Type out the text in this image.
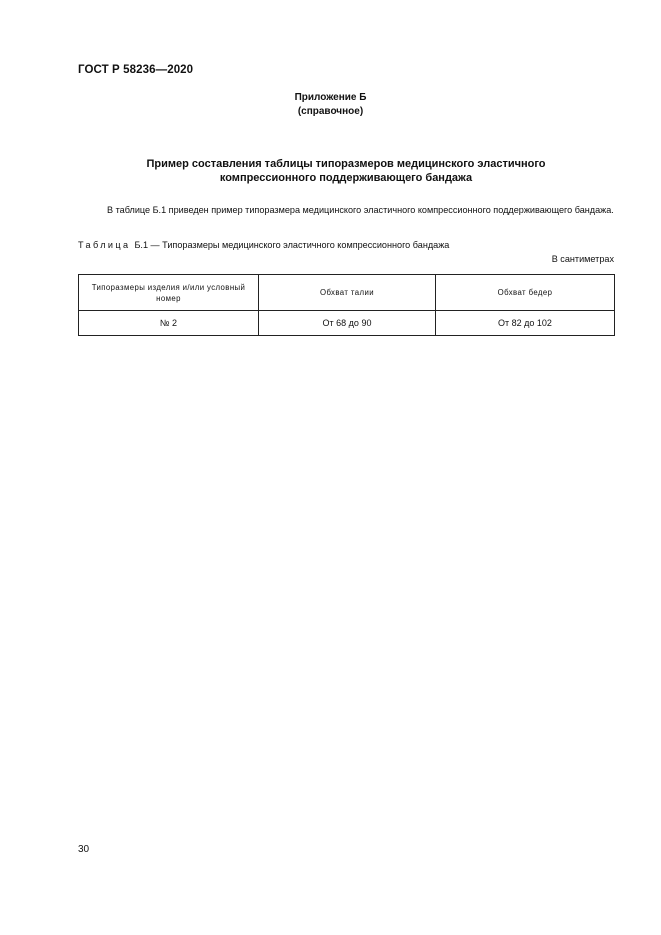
ГОСТ Р 58236—2020
Приложение Б
(справочное)
Пример составления таблицы типоразмеров медицинского эластичного
компрессионного поддерживающего бандажа
В таблице Б.1 приведен пример типоразмера медицинского эластичного компрессионного поддерживающего бандажа.
Таблица Б.1 — Типоразмеры медицинского эластичного компрессионного бандажа
В сантиметрах
Типоразмеры изделия и/или условный номер	Обхват талии	Обхват бедер
№ 2	От 68 до 90	От 82 до 102
30
